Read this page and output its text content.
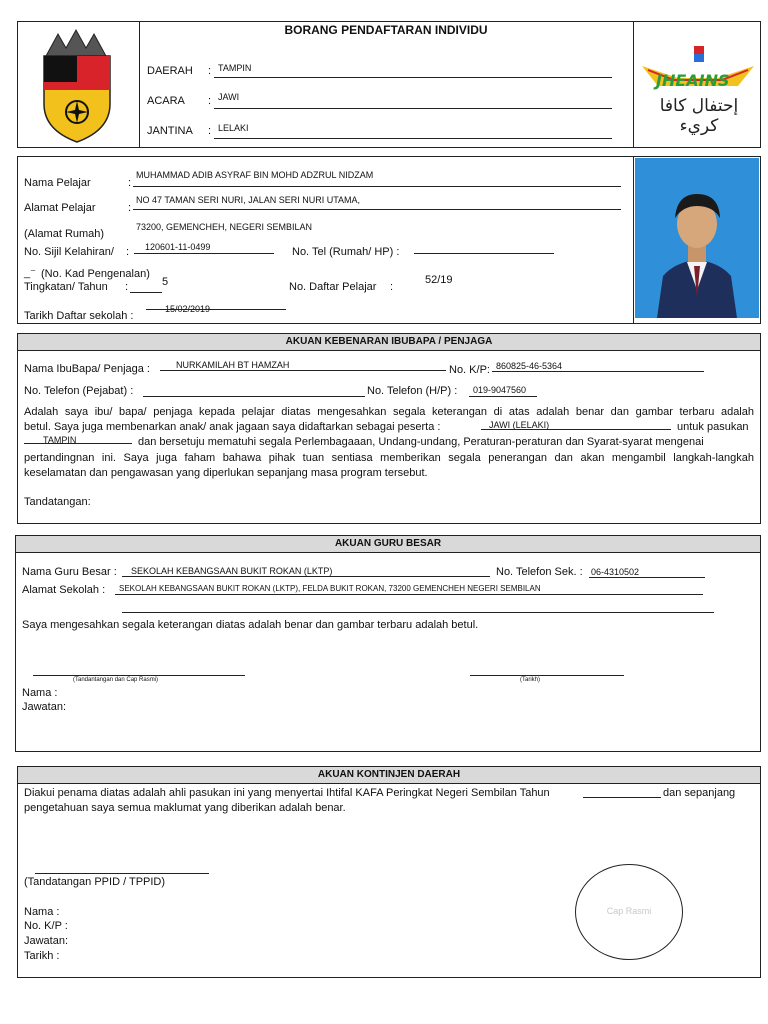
BORANG PENDAFTARAN INDIVIDU
DAERAH : TAMPIN
ACARA : JAWI
JANTINA : LELAKI
JHEAINS
إحتفال كافا كريء
Nama Pelajar	:
MUHAMMAD ADIB ASYRAF BIN MOHD ADZRUL NIDZAM
Alamat Pelajar	:
NO 47 TAMAN SERI NURI, JALAN SERI NURI UTAMA,
(Alamat Rumah)
73200, GEMENCHEH, NEGERI SEMBILAN
No. Sijil Kelahiran/ : 120601-11-0499	No. Tel (Rumah/ HP) :
_⁻ (No. Kad Pengenalan)
Tingkatan/ Tahun :	5	No. Daftar Pelajar :
52/19
Tarikh Daftar sekolah :
15/02/2019
AKUAN KEBENARAN IBUBAPA / PENJAGA
Nama IbuBapa/ Penjaga :	NURKAMILAH BT HAMZAH	No. K/P: 860825-46-5364
No. Telefon (Pejabat) :	No. Telefon (H/P) : 019-9047560
Adalah saya ibu/ bapa/ penjaga kepada pelajar diatas mengesahkan segala keterangan di atas adalah benar dan gambar terbaru adalah
betul. Saya juga membenarkan anak/ anak jagaan saya didaftarkan sebagai peserta :	JAWI (LELAKI)	untuk pasukan
TAMPIN	dan bersetuju mematuhi segala Perlembagaaan, Undang-undang, Peraturan-peraturan dan Syarat-syarat mengenai
pertandingnan ini. Saya juga faham bahawa pihak tuan sentiasa memberikan segala penerangan dan akan mengambil langkah-langkah
keselamatan dan pengawasan yang diperlukan sepanjang masa program tersebut.
Tandatangan:
AKUAN GURU BESAR
Nama Guru Besar : SEKOLAH KEBANGSAAN BUKIT ROKAN (LKTP)	No. Telefon Sek. : 06-4310502
Alamat Sekolah : SEKOLAH KEBANGSAAN BUKIT ROKAN (LKTP), FELDA BUKIT ROKAN, 73200 GEMENCHEH NEGERI SEMBILAN
Saya mengesahkan segala keterangan diatas adalah benar dan gambar terbaru adalah betul.
(Tandantangan dan Cap Rasmi)	(Tarikh)
Nama :
Jawatan:
AKUAN KONTINJEN DAERAH
Diakui penama diatas adalah ahli pasukan ini yang menyertai Ihtifal KAFA Peringkat Negeri Sembilan Tahun	dan sepanjang
pengetahuan saya semua maklumat yang diberikan adalah benar.
(Tandatangan PPID / TPPID)
Nama :
No. K/P :
Jawatan:
Tarikh :
Cap Rasmi
